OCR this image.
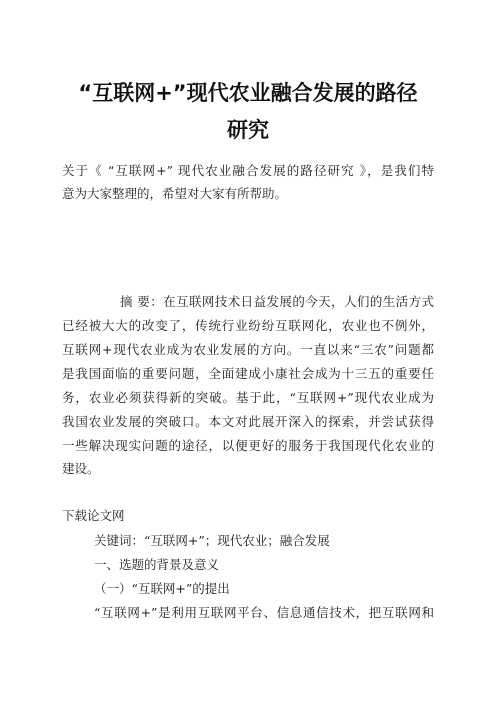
“互联网+”现代农业融合发展的路径
研究
关于《 “互联网+” 现代农业融合发展的路径研究 》，是我们特
意为大家整理的，希望对大家有所帮助。
摘 要：在互联网技术日益发展的今天，人们的生活方式
已经被大大的改变了，传统行业纷纷互联网化，农业也不例外，
互联网+现代农业成为农业发展的方向。一直以来“三农”问题都
是我国面临的重要问题，全面建成小康社会成为十三五的重要任
务，农业必须获得新的突破。基于此，“互联网+”现代农业成为
我国农业发展的突破口。本文对此展开深入的探索，并尝试获得
一些解决现实问题的途径，以便更好的服务于我国现代化农业的
建设。
下载论文网
关键词：“互联网+”；现代农业；融合发展
一、选题的背景及意义
（一）“互联网+”的提出
“互联网+”是利用互联网平台、信息通信技术，把互联网和
